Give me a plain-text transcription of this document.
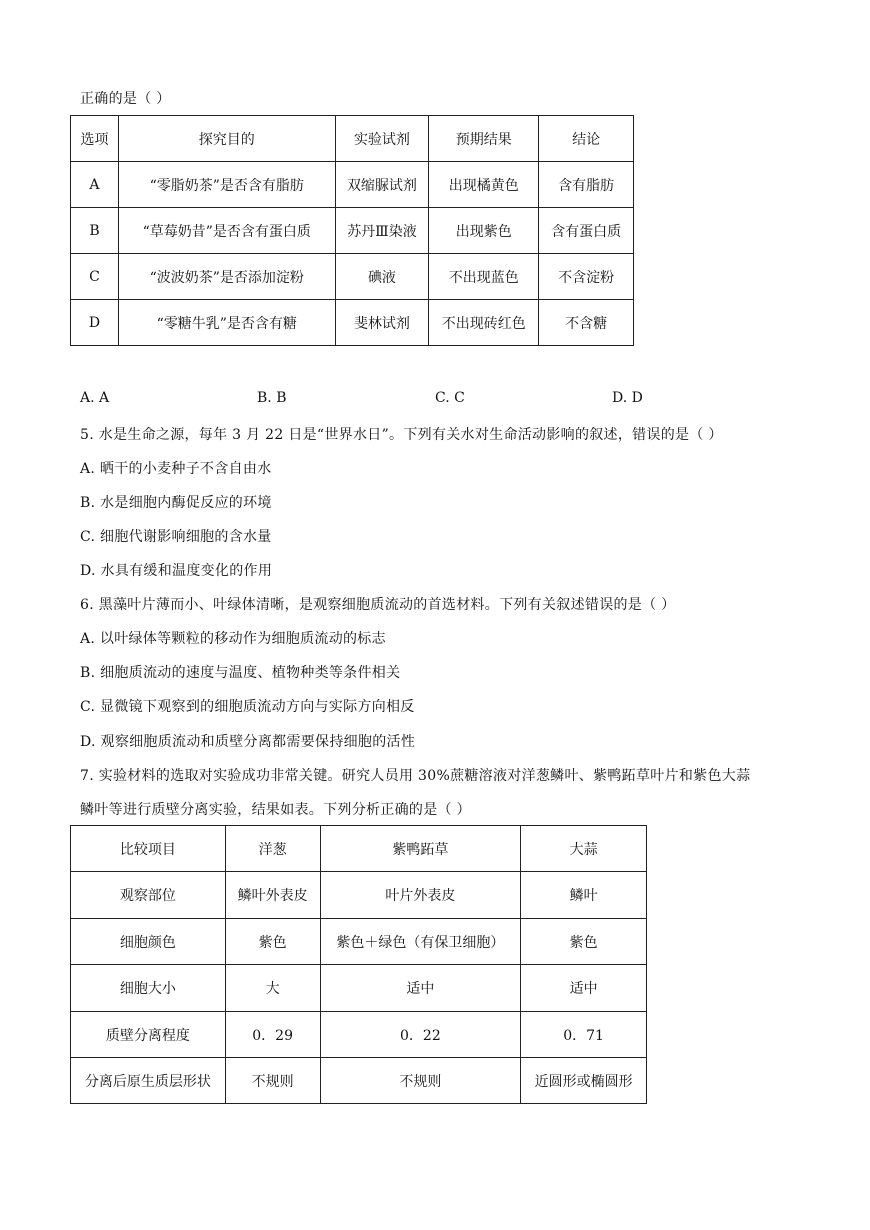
正确的是（ ）
选项	探究目的	实验试剂	预期结果	结论
A	“零脂奶茶”是否含有脂肪	双缩脲试剂	出现橘黄色	含有脂肪
B	“草莓奶昔”是否含有蛋白质	苏丹Ⅲ染液	出现紫色	含有蛋白质
C	“波波奶茶”是否添加淀粉	碘液	不出现蓝色	不含淀粉
D	“零糖牛乳”是否含有糖	斐林试剂	不出现砖红色	不含糖
A. A	B. B	C. C	D. D
5. 水是生命之源，每年 3 月 22 日是“世界水日”。下列有关水对生命活动影响的叙述，错误的是（ ）
A. 晒干的小麦种子不含自由水
B. 水是细胞内酶促反应的环境
C. 细胞代谢影响细胞的含水量
D. 水具有缓和温度变化的作用
6. 黑藻叶片薄而小、叶绿体清晰，是观察细胞质流动的首选材料。下列有关叙述错误的是（ ）
A. 以叶绿体等颗粒的移动作为细胞质流动的标志
B. 细胞质流动的速度与温度、植物种类等条件相关
C. 显微镜下观察到的细胞质流动方向与实际方向相反
D. 观察细胞质流动和质壁分离都需要保持细胞的活性
7. 实验材料的选取对实验成功非常关键。研究人员用 30%蔗糖溶液对洋葱鳞叶、紫鸭跖草叶片和紫色大蒜
鳞叶等进行质壁分离实验，结果如表。下列分析正确的是（ ）
比较项目	洋葱	紫鸭跖草	大蒜
观察部位	鳞叶外表皮	叶片外表皮	鳞叶
细胞颜色	紫色	紫色＋绿色（有保卫细胞）	紫色
细胞大小	大	适中	适中
质壁分离程度	0．29	0．22	0．71
分离后原生质层形状	不规则	不规则	近圆形或椭圆形
